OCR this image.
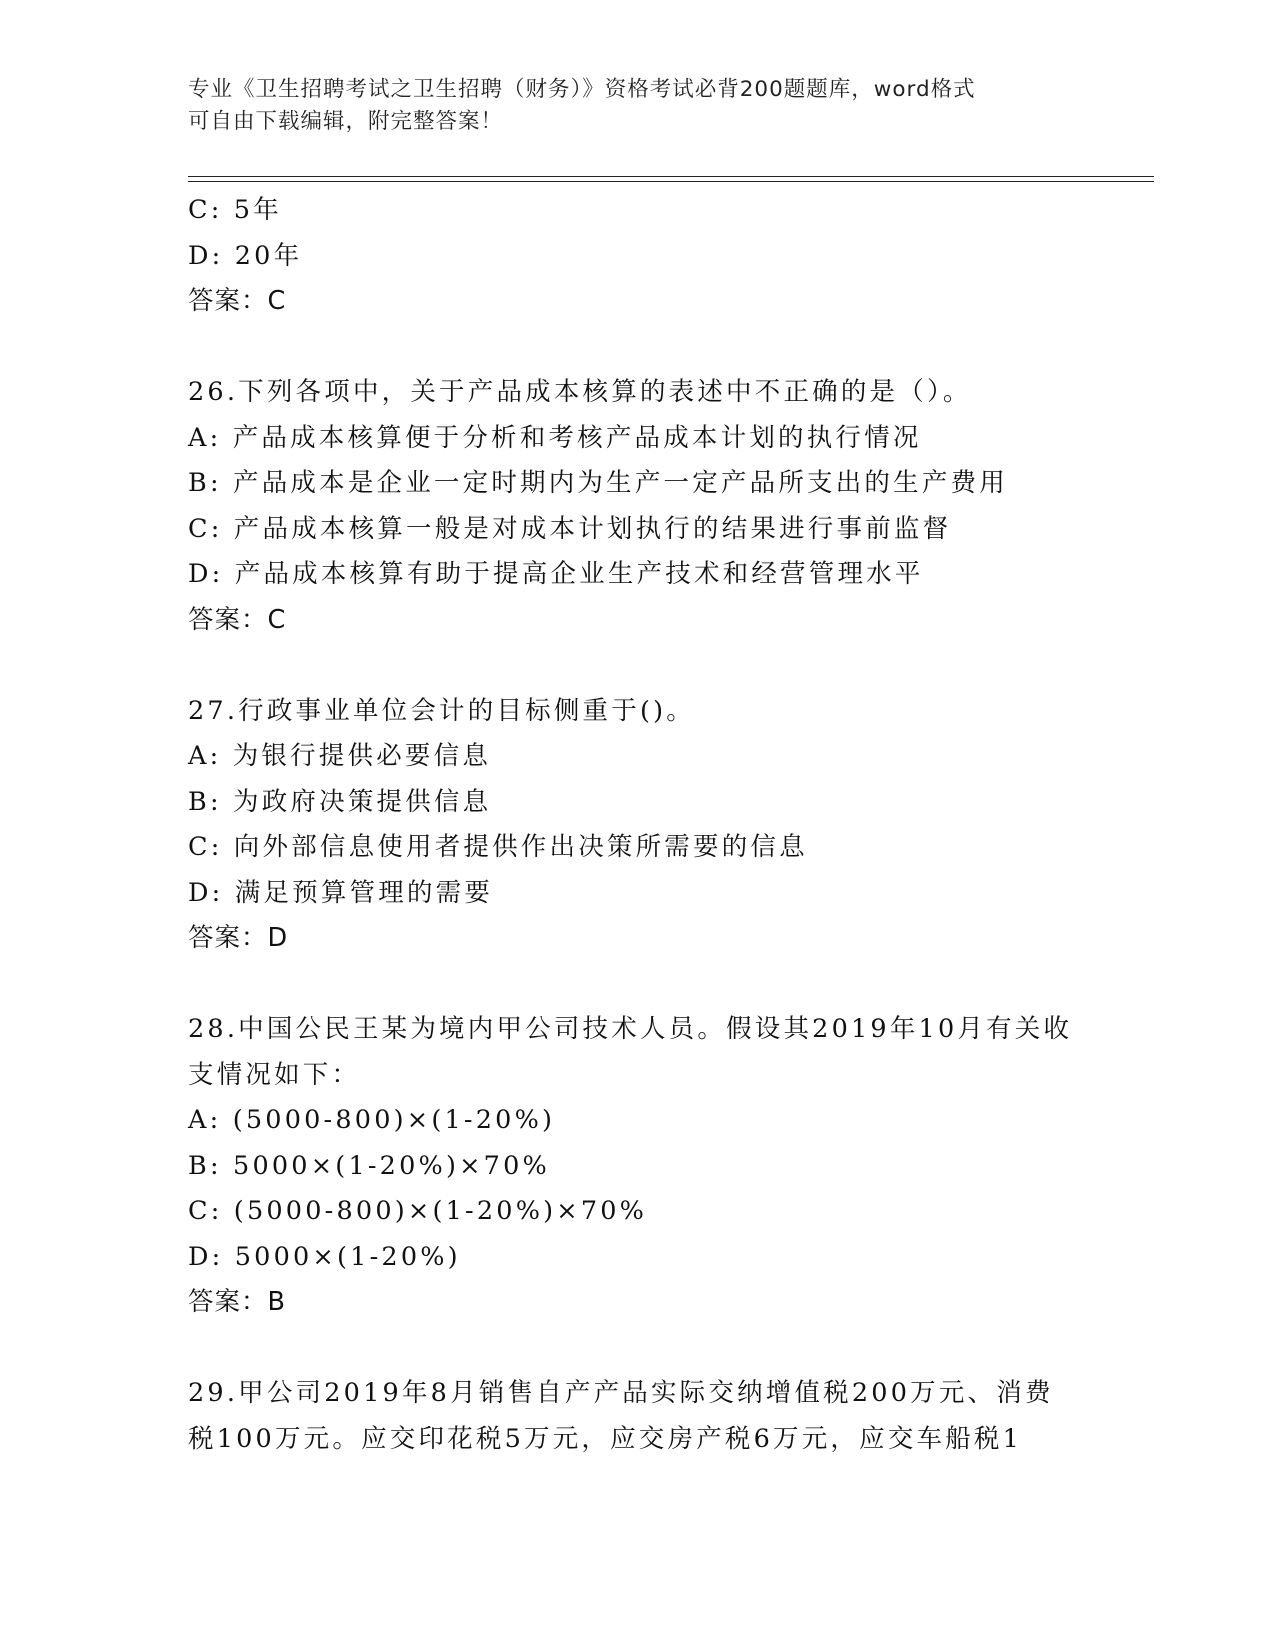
专业《卫生招聘考试之卫生招聘（财务）》资格考试必背200题题库，word格式
可自由下载编辑，附完整答案！
C: 5年
D: 20年
答案：C
26.下列各项中，关于产品成本核算的表述中不正确的是（）。
A: 产品成本核算便于分析和考核产品成本计划的执行情况
B: 产品成本是企业一定时期内为生产一定产品所支出的生产费用
C: 产品成本核算一般是对成本计划执行的结果进行事前监督
D: 产品成本核算有助于提高企业生产技术和经营管理水平
答案：C
27.行政事业单位会计的目标侧重于()。
A: 为银行提供必要信息
B: 为政府决策提供信息
C: 向外部信息使用者提供作出决策所需要的信息
D: 满足预算管理的需要
答案：D
28.中国公民王某为境内甲公司技术人员。假设其2019年10月有关收
支情况如下：
A: (5000-800)×(1-20%)
B: 5000×(1-20%)×70%
C: (5000-800)×(1-20%)×70%
D: 5000×(1-20%)
答案：B
29.甲公司2019年8月销售自产产品实际交纳增值税200万元、消费
税100万元。应交印花税5万元，应交房产税6万元，应交车船税1
